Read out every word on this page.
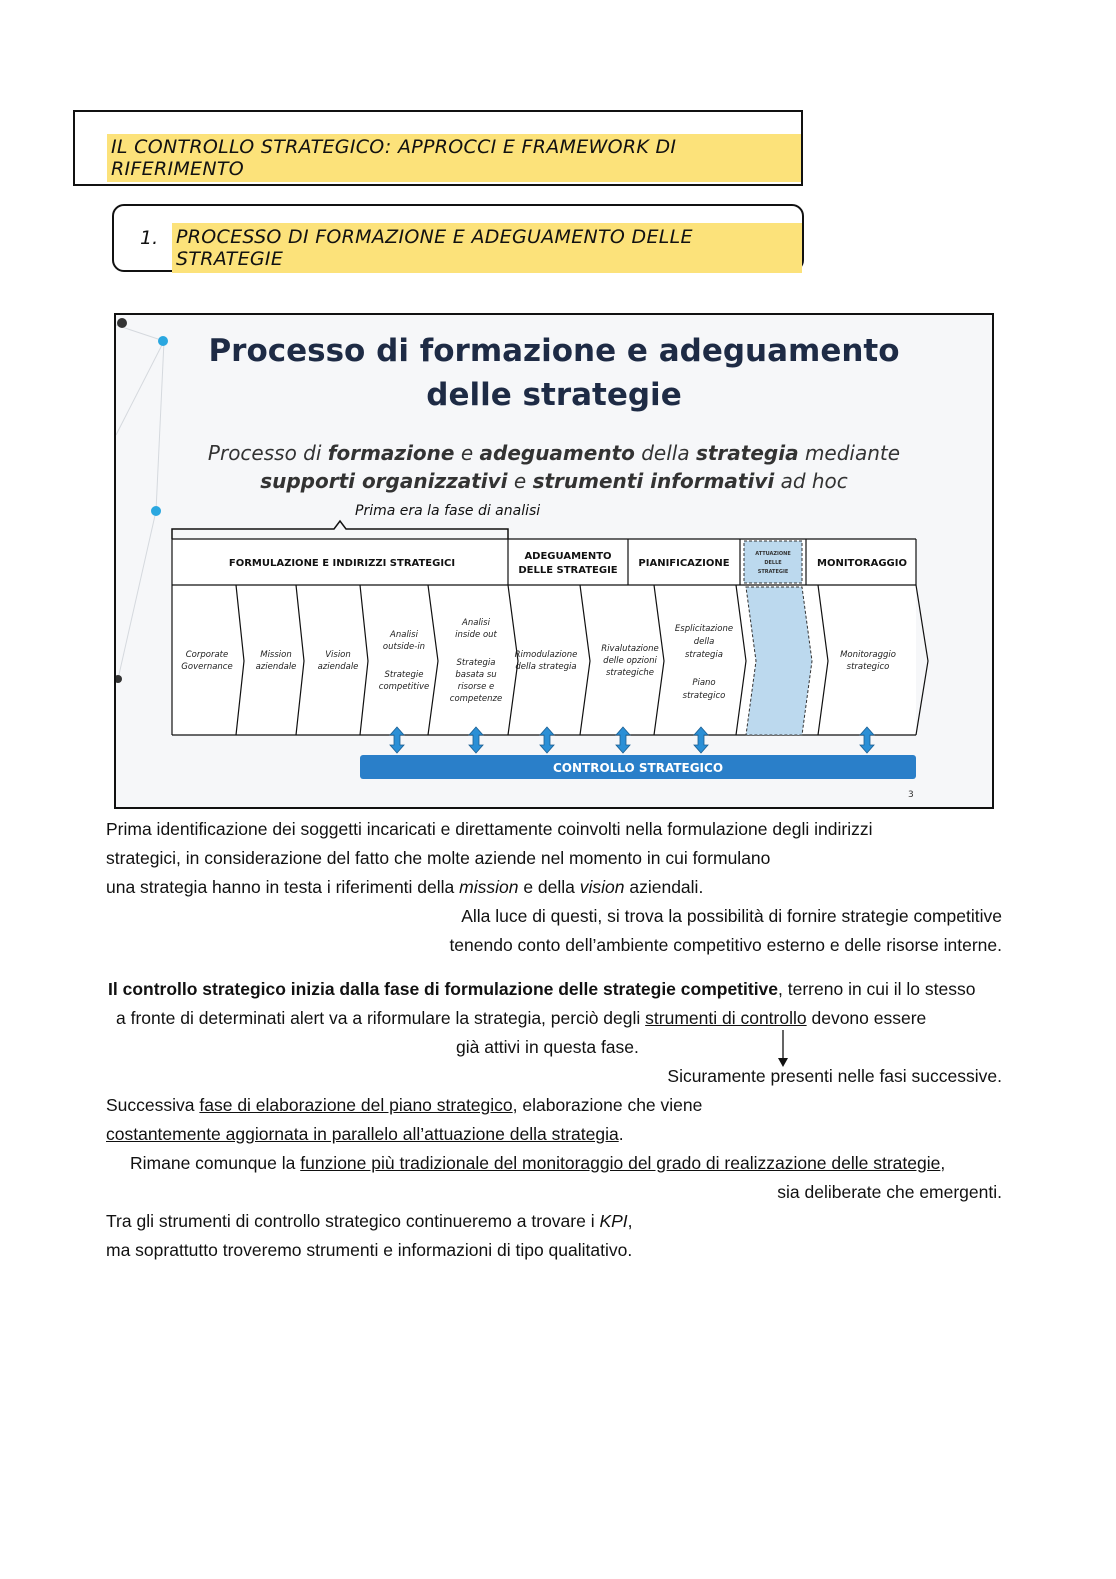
IL CONTROLLO STRATEGICO: APPROCCI E FRAMEWORK DI RIFERIMENTO
1. PROCESSO DI FORMAZIONE E ADEGUAMENTO DELLE STRATEGIE
Processo di formazione e adeguamento
delle strategie
Processo di formazione e adeguamento della strategia mediante
supporti organizzativi e strumenti informativi ad hoc
Prima era la fase di analisi
FORMULAZIONE E INDIRIZZI STRATEGICI
ADEGUAMENTO
DELLE STRATEGIE
PIANIFICAZIONE
ATTUAZIONE
DELLE
STRATEGIE
MONITORAGGIO
Corporate
Governance
Mission
aziendale
Vision
aziendale
Analisi
outside-in
Strategie
competitive
Analisi
inside out
Strategia
basata su
risorse e
competenze
Rimodulazione
della strategia
Rivalutazione
delle opzioni
strategiche
Esplicitazione
della
strategia
Piano
strategico
Monitoraggio
strategico
CONTROLLO STRATEGICO
3

Prima identificazione dei soggetti incaricati e direttamente coinvolti nella formulazione degli indirizzi

strategici, in considerazione del fatto che molte aziende nel momento in cui formulano

una strategia hanno in testa i riferimenti della mission e della vision aziendali.

Alla luce di questi, si trova la possibilità di fornire strategie competitive

tenendo conto dell’ambiente competitivo esterno e delle risorse interne.

Il controllo strategico inizia dalla fase di formulazione delle strategie competitive, terreno in cui il lo stesso

a fronte di determinati alert va a riformulare la strategia, perciò degli strumenti di controllo devono essere

già attivi in questa fase.

Sicuramente presenti nelle fasi successive.

Successiva fase di elaborazione del piano strategico, elaborazione che viene

costantemente aggiornata in parallelo all’attuazione della strategia.

Rimane comunque la funzione più tradizionale del monitoraggio del grado di realizzazione delle strategie,

sia deliberate che emergenti.

Tra gli strumenti di controllo strategico continueremo a trovare i KPI,

ma soprattutto troveremo strumenti e informazioni di tipo qualitativo.
